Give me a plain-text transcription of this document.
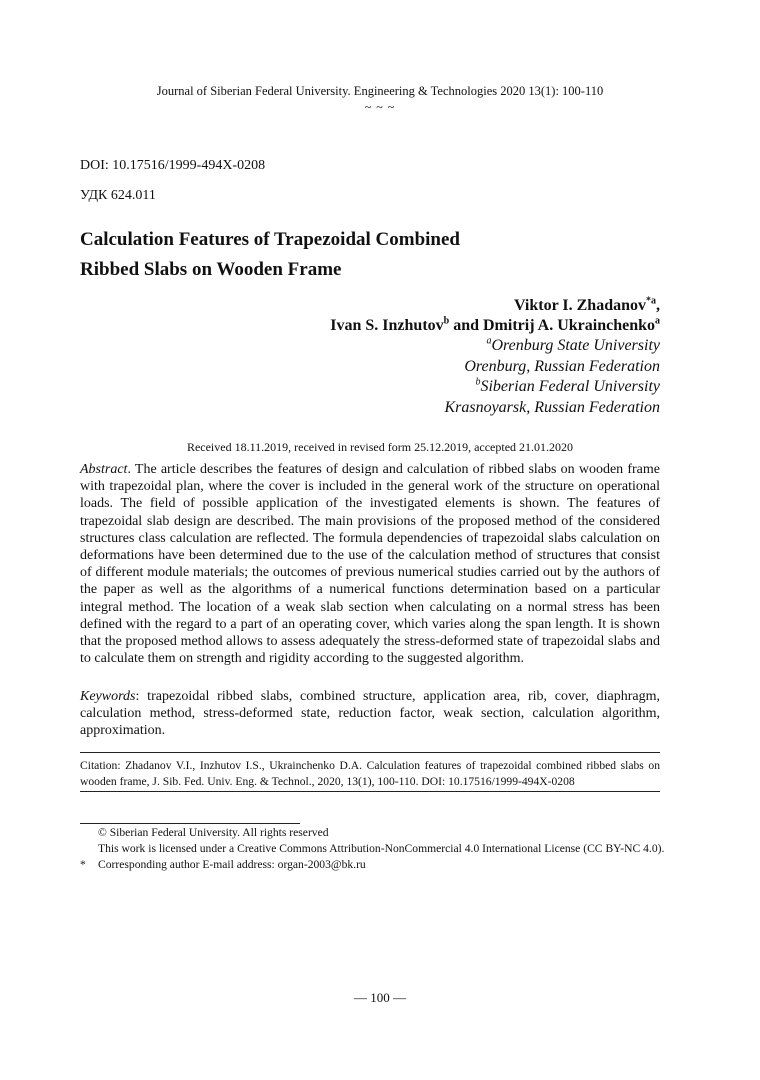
Journal of Siberian Federal University. Engineering & Technologies 2020 13(1): 100-110
~ ~ ~
DOI: 10.17516/1999-494X-0208
УДК 624.011
Calculation Features of Trapezoidal Combined
Ribbed Slabs on Wooden Frame
Viktor I. Zhadanov$^{*a}$,
Ivan S. Inzhutov$^b$ and Dmitrij A. Ukrainchenko$^a$
$^a$Orenburg State University
Orenburg, Russian Federation
$^b$Siberian Federal University
Krasnoyarsk, Russian Federation
Received 18.11.2019, received in revised form 25.12.2019, accepted 21.01.2020
Abstract. The article describes the features of design and calculation of ribbed slabs on wooden frame with trapezoidal plan, where the cover is included in the general work of the structure on operational loads. The field of possible application of the investigated elements is shown. The features of trapezoidal slab design are described. The main provisions of the proposed method of the considered structures class calculation are reflected. The formula dependencies of trapezoidal slabs calculation on deformations have been determined due to the use of the calculation method of structures that consist of different module materials; the outcomes of previous numerical studies carried out by the authors of the paper as well as the algorithms of a numerical functions determination based on a particular integral method. The location of a weak slab section when calculating on a normal stress has been defined with the regard to a part of an operating cover, which varies along the span length. It is shown that the proposed method allows to assess adequately the stress-deformed state of trapezoidal slabs and to calculate them on strength and rigidity according to the suggested algorithm.
Keywords: trapezoidal ribbed slabs, combined structure, application area, rib, cover, diaphragm, calculation method, stress-deformed state, reduction factor, weak section, calculation algorithm, approximation.
Citation: Zhadanov V.I., Inzhutov I.S., Ukrainchenko D.A. Calculation features of trapezoidal combined ribbed slabs on wooden frame, J. Sib. Fed. Univ. Eng. & Technol., 2020, 13(1), 100-110. DOI: 10.17516/1999-494X-0208
© Siberian Federal University. All rights reserved
This work is licensed under a Creative Commons Attribution-NonCommercial 4.0 International License (CC BY-NC 4.0).
* Corresponding author E-mail address: organ-2003@bk.ru
— 100 —
